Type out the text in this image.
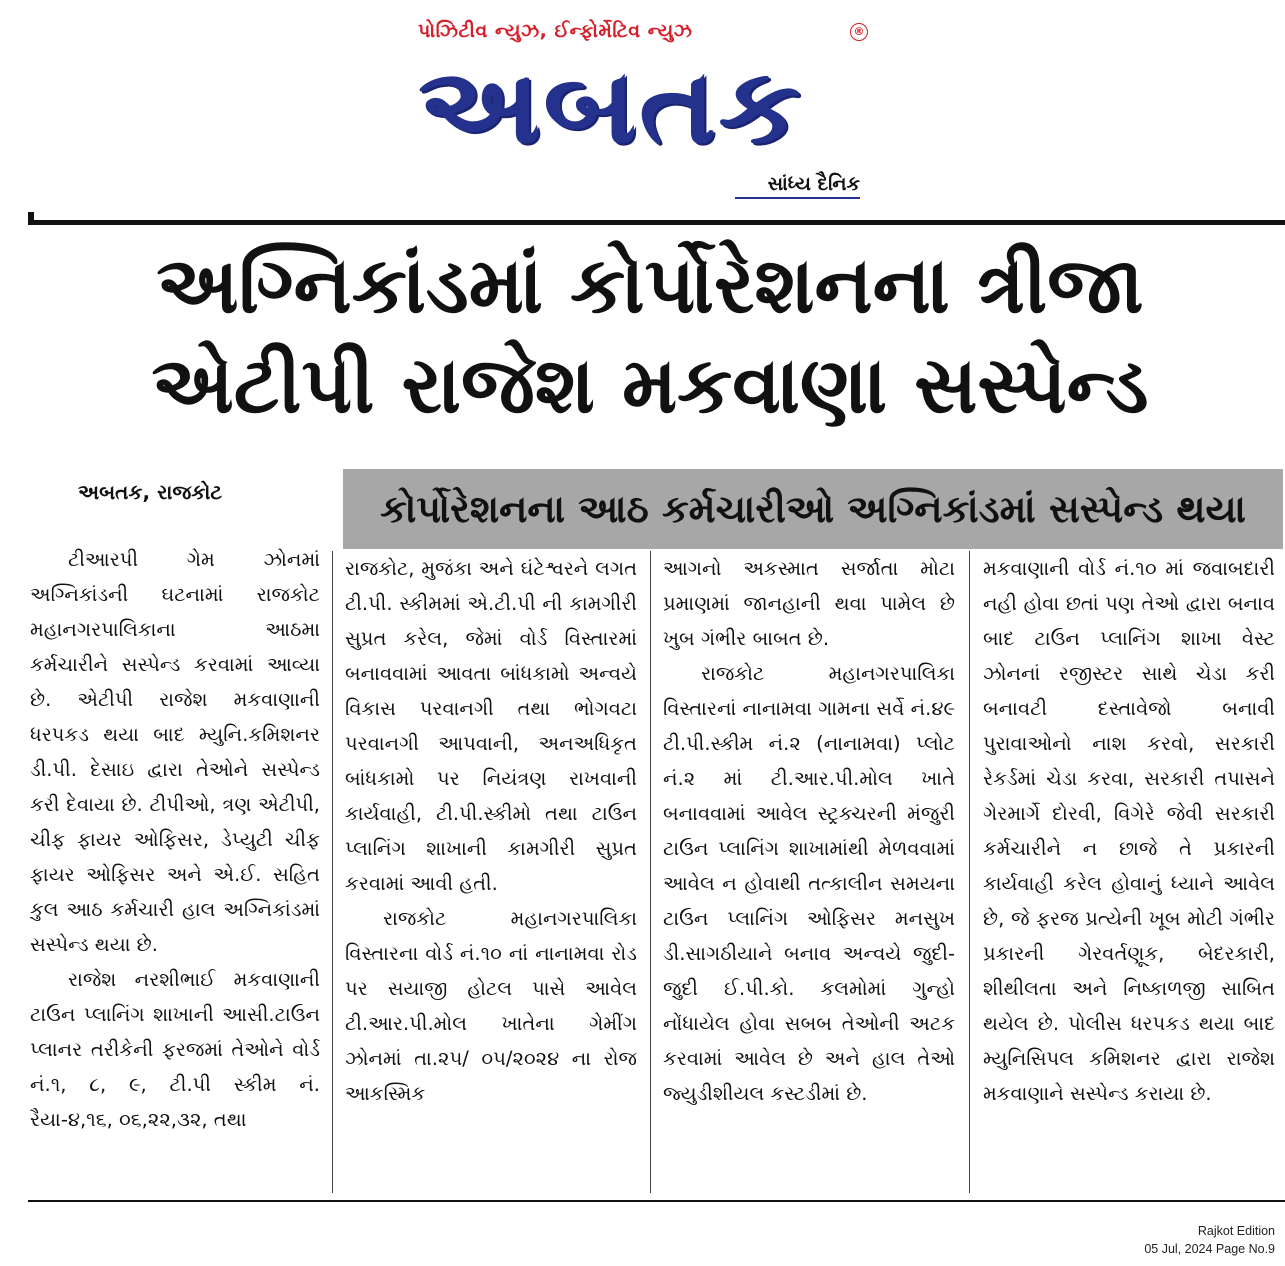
પોઝિટીવ ન્યુઝ, ઈન્ફોર્મેટિવ ન્યુઝ	®
અબતક
સાંધ્ય દૈનિક
અગ્નિકાંડમાં કોર્પોરેશનના ત્રીજા
એટીપી રાજેશ મકવાણા સસ્પેન્ડ
અબતક, રાજકોટ	કોર્પોરેશનના આઠ કર્મચારીઓ અગ્નિકાંડમાં સસ્પેન્ડ થયા

ટીઆરપી ગેમ ઝોનમાં અગ્નિકાંડની ઘટનામાં રાજકોટ મહાનગરપાલિકાના આઠમા કર્મચારીને સસ્પેન્ડ કરવામાં આવ્યા છે. એટીપી રાજેશ મકવાણાની ધરપકડ થયા બાદ મ્યુનિ.કમિશનર ડી.પી. દેસાઇ દ્વારા તેઓને સસ્પેન્ડ કરી દેવાયા છે. ટીપીઓ, ત્રણ એટીપી, ચીફ ફાયર ઓફિસર, ડેપ્યુટી ચીફ ફાયર ઓફિસર અને એ.ઈ. સહિત કુલ આઠ કર્મચારી હાલ અગ્નિકાંડમાં સસ્પેન્ડ થયા છે.

રાજેશ નરશીભાઈ મકવાણાની ટાઉન પ્લાનિંગ શાખાની આસી.ટાઉન પ્લાનર તરીકેની ફરજમાં તેઓને વોર્ડ નં.૧, ૮, ૯, ટી.પી સ્કીમ નં. રૈયા-૪,૧૬, ૦૬,૨૨,૩૨, તથા

રાજકોટ, મુજંકા અને ઘંટેશ્વરને લગત ટી.પી. સ્કીમમાં એ.ટી.પી ની કામગીરી સુપ્રત કરેલ, જેમાં વોર્ડ વિસ્તારમાં બનાવવામાં આવતા બાંધકામો અન્વયે વિકાસ પરવાનગી તથા ભોગવટા પરવાનગી આપવાની, અનઅધિકૃત બાંધકામો પર નિયંત્રણ રાખવાની કાર્યવાહી, ટી.પી.સ્કીમો તથા ટાઉન પ્લાનિંગ શાખાની કામગીરી સુપ્રત કરવામાં આવી હતી.

રાજકોટ મહાનગરપાલિકા વિસ્તારના વોર્ડ નં.૧૦ નાં નાનામવા રોડ પર સયાજી હોટલ પાસે આવેલ ટી.આર.પી.મોલ ખાતેના ગેમીંગ ઝોનમાં તા.૨૫/ ૦૫/૨૦૨૪ ના રોજ આકસ્મિક

આગનો અકસ્માત સર્જાતા મોટા પ્રમાણમાં જાનહાની થવા પામેલ છે ખુબ ગંભીર બાબત છે.

રાજકોટ મહાનગરપાલિકા વિસ્તારનાં નાનામવા ગામના સર્વે નં.૪૯ ટી.પી.સ્કીમ નં.૨ (નાનામવા) પ્લોટ નં.૨ માં ટી.આર.પી.મોલ ખાતે બનાવવામાં આવેલ સ્ટ્રક્ચરની મંજુરી ટાઉન પ્લાનિંગ શાખામાંથી મેળવવામાં આવેલ ન હોવાથી તત્કાલીન સમયના ટાઉન પ્લાનિંગ ઓફિસર મનસુખ ડી.સાગઠીયાને બનાવ અન્વયે જુદી-જુદી ઈ.પી.કો. કલમોમાં ગુન્હો નોંધાયેલ હોવા સબબ તેઓની અટક કરવામાં આવેલ છે અને હાલ તેઓ જ્યુડીશીયલ કસ્ટડીમાં છે.

મકવાણાની વોર્ડ નં.૧૦ માં જવાબદારી નહી હોવા છતાં પણ તેઓ દ્વારા બનાવ બાદ ટાઉન પ્લાનિંગ શાખા વેસ્ટ ઝોનનાં રજીસ્ટર સાથે ચેડા કરી બનાવટી દસ્તાવેજો બનાવી પુરાવાઓનો નાશ કરવો, સરકારી રેકર્ડમાં ચેડા કરવા, સરકારી તપાસને ગેરમાર્ગે દોરવી, વિગેરે જેવી સરકારી કર્મચારીને ન છાજે તે પ્રકારની કાર્યવાહી કરેલ હોવાનું ધ્યાને આવેલ છે, જે ફરજ પ્રત્યેની ખૂબ મોટી ગંભીર પ્રકારની ગેરવર્તણૂક, બેદરકારી, શીથીલતા અને નિષ્કાળજી સાબિત થયેલ છે. પોલીસ ધરપકડ થયા બાદ મ્યુનિસિપલ કમિશનર દ્વારા રાજેશ મકવાણાને સસ્પેન્ડ કરાયા છે.

Rajkot Edition
05 Jul, 2024 Page No.9
